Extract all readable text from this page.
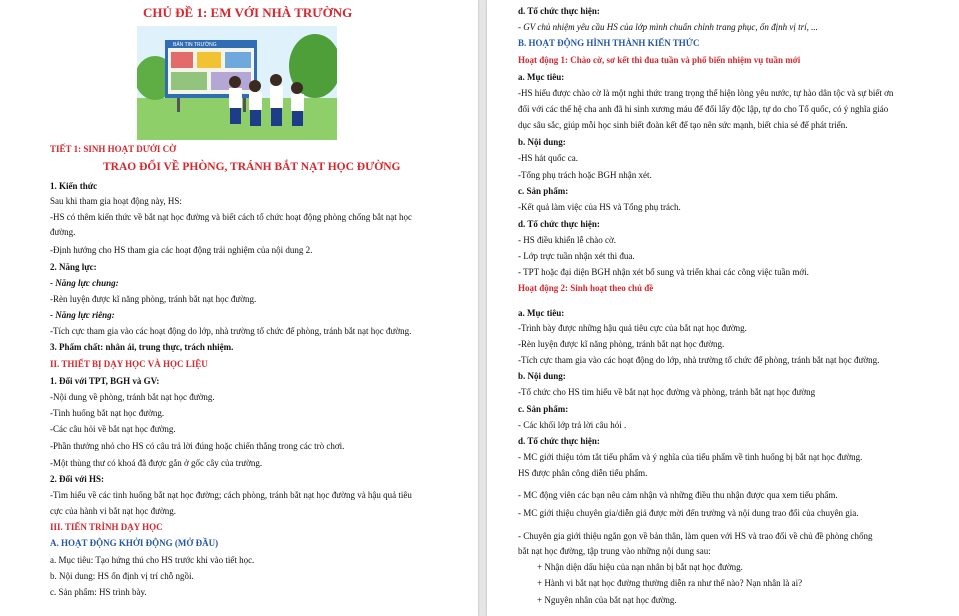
CHỦ ĐỀ 1: EM VỚI NHÀ TRƯỜNG
BẢN TIN TRƯỜNG
TIẾT 1: SINH HOẠT DƯỚI CỜ
TRAO ĐỔI VỀ PHÒNG, TRÁNH BẮT NẠT HỌC ĐƯỜNG
1. Kiến thức
Sau khi tham gia hoạt động này, HS:
-HS có thêm kiến thức về bắt nạt học đường và biết cách tổ chức hoạt động phòng chống bắt nạt học
đường.
-Định hướng cho HS tham gia các hoạt động trải nghiệm của nội dung 2.
2. Năng lực:
- Năng lực chung:
-Rèn luyện được kĩ năng phòng, tránh bắt nạt học đường.
- Năng lực riêng:
-Tích cực tham gia vào các hoạt động do lớp, nhà trường tổ chức để phòng, tránh bắt nạt học đường.
3. Phẩm chất: nhân ái, trung thực, trách nhiệm.
II. THIẾT BỊ DẠY HỌC VÀ HỌC LIỆU
1. Đối với TPT, BGH và GV:
-Nội dung về phòng, tránh bắt nạt học đường.
-Tình huống bắt nạt học đường.
-Các câu hỏi về bắt nạt học đường.
-Phần thưởng nhỏ cho HS có câu trả lời đúng hoặc chiến thắng trong các trò chơi.
-Một thùng thư có khoá đã được gắn ở gốc cây của trường.
2. Đối với HS:
-Tìm hiểu về các tình huống bắt nạt học đường; cách phòng, tránh bắt nạt học đường và hậu quả tiêu
cực của hành vi bắt nạt học đường.
III. TIẾN TRÌNH DẠY HỌC
A. HOẠT ĐỘNG KHỞI ĐỘNG (MỞ ĐẦU)
a. Mục tiêu: Tạo hứng thú cho HS trước khi vào tiết học.
b. Nội dung: HS ổn định vị trí chỗ ngồi.
c. Sản phẩm: HS trình bày.
d. Tổ chức thực hiện:
- GV chủ nhiệm yêu cầu HS của lớp mình chuẩn chỉnh trang phục, ổn định vị trí, ...
B. HOẠT ĐỘNG HÌNH THÀNH KIẾN THỨC
Hoạt động 1: Chào cờ, sơ kết thi đua tuần và phổ biến nhiệm vụ tuần mới
a. Mục tiêu:
-HS hiểu được chào cờ là một nghi thức trang trọng thể hiện lòng yêu nước, tự hào dân tộc và sự biết ơn
đối với các thế hệ cha anh đã hi sinh xương máu để đổi lấy độc lập, tự do cho Tổ quốc, có ý nghĩa giáo
dục sâu sắc, giúp mỗi học sinh biết đoàn kết để tạo nên sức mạnh, biết chia sẻ để phát triển.
b. Nội dung:
-HS hát quốc ca.
-Tổng phụ trách hoặc BGH nhận xét.
c. Sản phẩm:
-Kết quả làm việc của HS và Tổng phụ trách.
d. Tổ chức thực hiện:
- HS điều khiển lễ chào cờ.
- Lớp trực tuần nhận xét thi đua.
- TPT hoặc đại diện BGH nhận xét bổ sung và triển khai các công việc tuần mới.
Hoạt động 2: Sinh hoạt theo chủ đề
a. Mục tiêu:
-Trình bày được những hậu quả tiêu cực của bắt nạt học đường.
-Rèn luyện được kĩ năng phòng, tránh bắt nạt học đường.
-Tích cực tham gia vào các hoạt động do lớp, nhà trường tổ chức để phòng, tránh bắt nạt học đường.
b. Nội dung:
-Tổ chức cho HS tìm hiểu về bắt nạt học đường và phòng, tránh bắt nạt học đường
c. Sản phẩm:
- Các khối lớp trả lời câu hỏi .
d. Tổ chức thực hiện:
- MC giới thiệu tóm tắt tiểu phẩm và ý nghĩa của tiểu phẩm về tình huống bị bắt nạt học đường.
HS được phân công diễn tiểu phẩm.
- MC động viên các bạn nêu cảm nhận và những điều thu nhận được qua xem tiểu phẩm.
- MC giới thiệu chuyên gia/diễn giả được mời đến trường và nội dung trao đổi của chuyên gia.
- Chuyên gia giới thiệu ngắn gọn về bản thân, làm quen với HS và trao đổi về chủ đề phòng chống
bắt nạt học đường, tập trung vào những nội dung sau:
+ Nhận diện dấu hiệu của nạn nhân bị bắt nạt học đường.
+ Hành vi bắt nạt học đường thường diễn ra như thế nào? Nạn nhân là ai?
+ Nguyên nhân của bắt nạt học đường.
